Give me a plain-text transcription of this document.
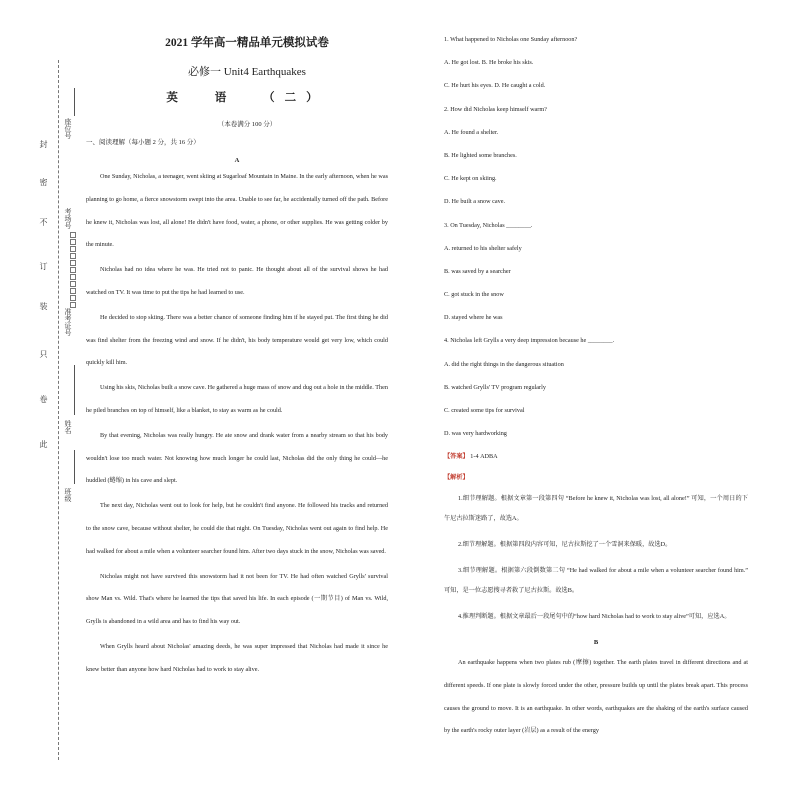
封
密
不
订
装
只
卷
此
座位号
考场号
准考证号
姓名
班级
2021 学年高一精品单元模拟试卷
必修一 Unit4 Earthquakes
英 语 （二）
（本卷满分 100 分）
一、阅读理解（每小题 2 分，共 16 分）
A
One Sunday, Nicholas, a teenager, went skiing at Sugarloaf Mountain in Maine. In the early afternoon, when he was planning to go home, a fierce snowstorm swept into the area. Unable to see far, he accidentally turned off the path. Before he knew it, Nicholas was lost, all alone! He didn't have food, water, a phone, or other supplies. He was getting colder by the minute.
Nicholas had no idea where he was. He tried not to panic. He thought about all of the survival shows he had watched on TV. It was time to put the tips he had learned to use.
He decided to stop skiing. There was a better chance of someone finding him if he stayed put. The first thing he did was find shelter from the freezing wind and snow. If he didn't, his body temperature would get very low, which could quickly kill him.
Using his skis, Nicholas built a snow cave. He gathered a huge mass of snow and dug out a hole in the middle. Then he piled branches on top of himself, like a blanket, to stay as warm as he could.
By that evening, Nicholas was really hungry. He ate snow and drank water from a nearby stream so that his body wouldn't lose too much water. Not knowing how much longer he could last, Nicholas did the only thing he could—he huddled (蜷缩) in his cave and slept.
The next day, Nicholas went out to look for help, but he couldn't find anyone. He followed his tracks and returned to the snow cave, because without shelter, he could die that night. On Tuesday, Nicholas went out again to find help. He had walked for about a mile when a volunteer searcher found him. After two days stuck in the snow, Nicholas was saved.
Nicholas might not have survived this snowstorm had it not been for TV. He had often watched Grylls' survival show Man vs. Wild. That's where he learned the tips that saved his life. In each episode (一期节目) of Man vs. Wild, Grylls is abandoned in a wild area and has to find his way out.
When Grylls heard about Nicholas' amazing deeds, he was super impressed that Nicholas had made it since he knew better than anyone how hard Nicholas had to work to stay alive.
1. What happened to Nicholas one Sunday afternoon?
A. He got lost. B. He broke his skis.
C. He hurt his eyes. D. He caught a cold.
2. How did Nicholas keep himself warm?
A. He found a shelter.
B. He lighted some branches.
C. He kept on skiing.
D. He built a snow cave.
3. On Tuesday, Nicholas ________.
A. returned to his shelter safely
B. was saved by a searcher
C. got stuck in the snow
D. stayed where he was
4. Nicholas left Grylls a very deep impression because he ________.
A. did the right things in the dangerous situation
B. watched Grylls' TV program regularly
C. created some tips for survival
D. was very hardworking
【答案】 1-4 ADBA
【解析】
1.细节理解题。根据文章第一段第四句 “Before he knew it, Nicholas was lost, all alone!” 可知，一个周日的下午尼古拉斯迷路了，故选A。
2.细节理解题。根据第四段内容可知，尼古拉斯挖了一个雪洞来保暖，故选D。
3.细节理解题。根据第六段倒数第二句 “He had walked for about a mile when a volunteer searcher found him.” 可知，是一位志愿搜寻者救了尼古拉斯。故选B。
4.推理判断题。根据文章最后一段尾句中的“how hard Nicholas had to work to stay alive”可知，应选A。
B
An earthquake happens when two plates rub (摩擦) together. The earth plates travel in different directions and at different speeds. If one plate is slowly forced under the other, pressure builds up until the plates break apart. This process causes the ground to move. It is an earthquake. In other words, earthquakes are the shaking of the earth's surface caused by the earth's rocky outer layer (岩层) as a result of the energy
